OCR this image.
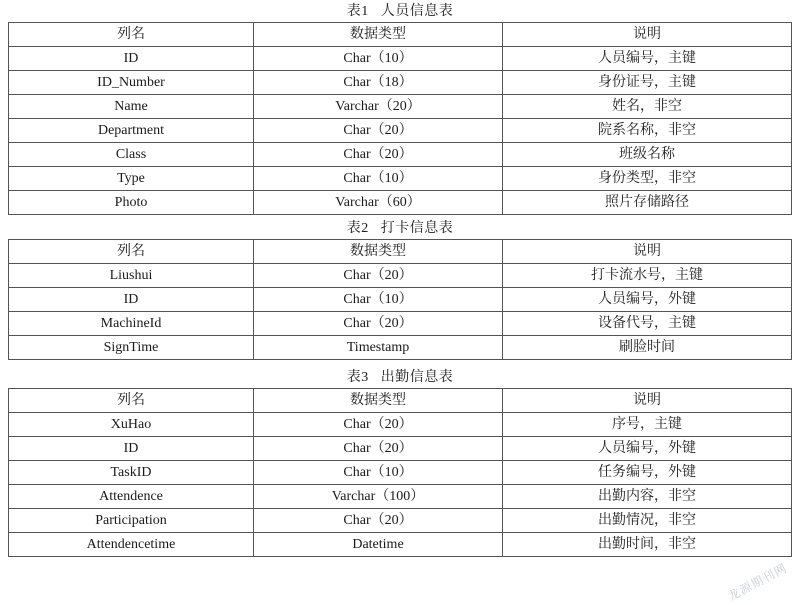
表1 人员信息表
列名	数据类型	说明
ID	Char（10）	人员编号，主键
ID_Number	Char（18）	身份证号，主键
Name	Varchar（20）	姓名，非空
Department	Char（20）	院系名称，非空
Class	Char（20）	班级名称
Type	Char（10）	身份类型，非空
Photo	Varchar（60）	照片存储路径
表2 打卡信息表
列名	数据类型	说明
Liushui	Char（20）	打卡流水号，主键
ID	Char（10）	人员编号，外键
MachineId	Char（20）	设备代号，主键
SignTime	Timestamp	刷脸时间
表3 出勤信息表
列名	数据类型	说明
XuHao	Char（20）	序号，主键
ID	Char（20）	人员编号，外键
TaskID	Char（10）	任务编号，外键
Attendence	Varchar（100）	出勤内容，非空
Participation	Char（20）	出勤情况，非空
Attendencetime	Datetime	出勤时间，非空
龙源期刊网
